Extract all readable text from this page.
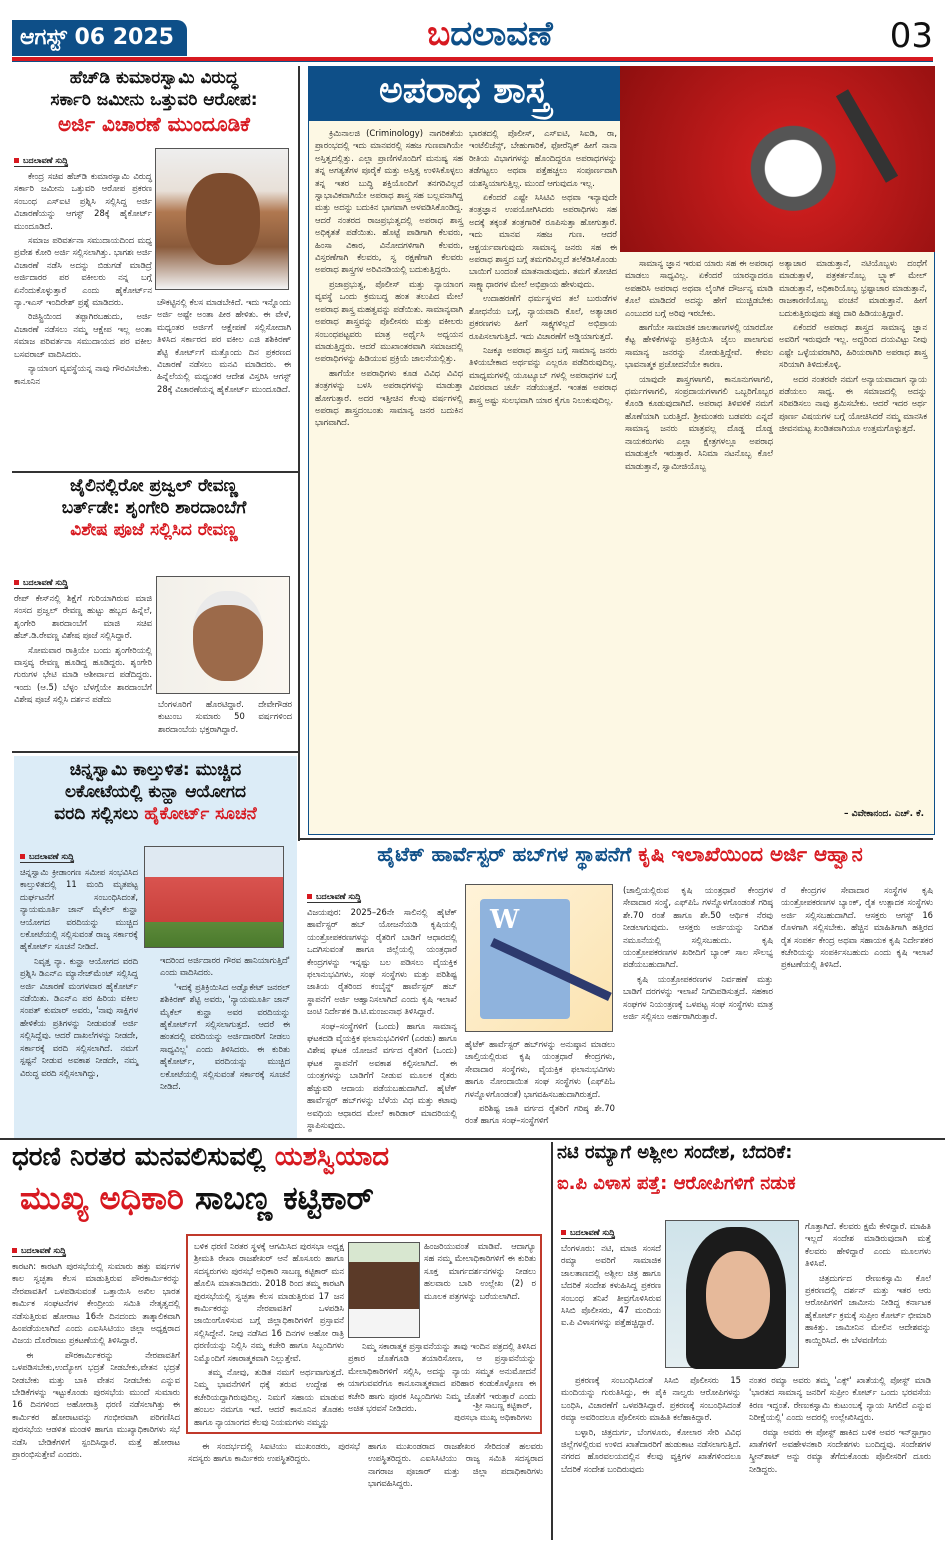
ಆಗಸ್ಟ್ 06 2025	ಬದಲಾವಣೆ	03
ಹೆಚ್‌ಡಿ ಕುಮಾರಸ್ವಾಮಿ ವಿರುದ್ಧ
ಸರ್ಕಾರಿ ಜಮೀನು ಒತ್ತುವರಿ ಆರೋಪ:
ಅರ್ಜಿ ವಿಚಾರಣೆ ಮುಂದೂಡಿಕೆ
ಬದಲಾವಣೆ ಸುದ್ದಿ

ಕೇಂದ್ರ ಸಚಿವ ಹೆಚ್‌ಡಿ ಕುಮಾರಸ್ವಾಮಿ ವಿರುದ್ಧ ಸರ್ಕಾರಿ ಜಮೀನು ಒತ್ತುವರಿ ಆರೋಪ ಪ್ರಕರಣ ಸಂಬಂಧ ಎಸ್‌ಐಟಿ ಪ್ರಶ್ನಿಸಿ ಸಲ್ಲಿಸಿದ್ದ ಅರ್ಜಿ ವಿಚಾರಣೆಯನ್ನು ಆಗಸ್ಟ್ 28ಕ್ಕೆ ಹೈಕೋರ್ಟ್ ಮುಂದೂಡಿದೆ.

ಸಮಾಜ ಪರಿವರ್ತನಾ ಸಮುದಾಯದಿಂದ ಮಧ್ಯ ಪ್ರವೇಶ ಕೋರಿ ಅರ್ಜಿ ಸಲ್ಲಿಸಲಾಗಿತ್ತು. ಭಾಗಶಃ ಅರ್ಜಿ ವಿಚಾರಣೆ ನಡೆಸಿ ಅದನ್ನು ಬಿಡುಗಡೆ ಮಾಡಿದ್ರೆ ಅರ್ಜಿದಾರರ ಪರ ವಕೀಲರು ನನ್ನ ಬಗ್ಗೆ ಏನೆಂದುಕೊಳ್ಳುತ್ತಾರೆ ಎಂದು ಹೈಕೋರ್ಟ್‌ನ ನ್ಯಾ.ಇಎಸ್ ಇಂದಿರೇಶ್ ಪ್ರಶ್ನೆ ಮಾಡಿದರು.

ರಿಜಿಸ್ಟ್ರಿಯಿಂದ ತಪ್ಪಾಗಿರಬಹುದು, ಅರ್ಜಿ ವಿಚಾರಣೆ ನಡೆಸಲು ನಮ್ಮ ಆಕ್ಷೇಪ ಇಲ್ಲ ಅಂತಾ ಸಮಾಜ ಪರಿವರ್ತನಾ ಸಮುದಾಯದ ಪರ ವಕೀಲ ಬಸವರಾಜ್ ವಾದಿಸಿದರು.

ನ್ಯಾಯಾಂಗ ವ್ಯವಸ್ಥೆಯನ್ನ ನಾವು ಗೌರವಿಸಬೇಕು. ಕಾನೂನಿನ

ಚೌಕಟ್ಟಿನಲ್ಲಿ ಕೆಲಸ ಮಾಡಬೇಕಿದೆ. ಇದು ಇನ್ನೊಂದು ಅರ್ಜಿ ಅಷ್ಟೇ ಅಂತಾ ಪೀಠ ಹೇಳಿತು. ಈ ವೇಳೆ, ಮಧ್ಯಂತರ ಅರ್ಜಿಗೆ ಆಕ್ಷೇಪಣೆ ಸಲ್ಲಿಸೋದಾಗಿ ತಿಳಿಸಿದ ಸರ್ಕಾರದ ಪರ ವಕೀಲ ಎಜಿ ಶಶಿಕಿರಣ್ ಶೆಟ್ಟಿ ಕೋರ್ಟ್‌ಗೆ ಮತ್ತೊಂದು ದಿನ ಪ್ರಕರಣದ ವಿಚಾರಣೆ ನಡೆಸಲು ಮನವಿ ಮಾಡಿದರು. ಈ ಹಿನ್ನೆಲೆಯಲ್ಲಿ ಮಧ್ಯಂತರ ಆದೇಶ ವಿಸ್ತರಿಸಿ ಆಗಸ್ಟ್ 28ಕ್ಕೆ ವಿಚಾರಣೆಯನ್ನ ಹೈಕೋರ್ಟ್ ಮುಂದೂಡಿದೆ.

ಜೈಲಿನಲ್ಲಿರೋ ಪ್ರಜ್ವಲ್ ರೇವಣ್ಣ
ಬರ್ತ್‌ಡೇ: ಶೃಂಗೇರಿ ಶಾರದಾಂಬೆಗೆ
ವಿಶೇಷ ಪೂಜೆ ಸಲ್ಲಿಸಿದ ರೇವಣ್ಣ
ಬದಲಾವಣೆ ಸುದ್ದಿ

ರೇಪ್ ಕೇಸ್‌ನಲ್ಲಿ ಶಿಕ್ಷೆಗೆ ಗುರಿಯಾಗಿರುವ ಮಾಜಿ ಸಂಸದ ಪ್ರಜ್ವಲ್ ರೇವಣ್ಣ ಹುಟ್ಟು ಹಬ್ಬದ ಹಿನ್ನೆಲೆ, ಶೃಂಗೇರಿ ಶಾರದಾಂಬೆಗೆ ಮಾಜಿ ಸಚಿವ ಹೆಚ್.ಡಿ.ರೇವಣ್ಣ ವಿಶೇಷ ಪೂಜೆ ಸಲ್ಲಿಸಿದ್ದಾರೆ.

ಸೋಮವಾರ ರಾತ್ರಿಯೇ ಬಂದು ಶೃಂಗೇರಿಯಲ್ಲಿ ವಾಸ್ತವ್ಯ ರೇವಣ್ಣ ಹೂಡಿದ್ದ ಹೂಡಿದ್ದರು. ಶೃಂಗೇರಿ ಗುರುಗಳ ಭೇಟಿ ಮಾಡಿ ಆಶೀರ್ವಾದ ಪಡೆದಿದ್ದರು. ಇಂದು (ಆ.5) ಬೆಳ್ಳಂ ಬೆಳಗ್ಗೆಯೇ ಶಾರದಾಂಬೆಗೆ ವಿಶೇಷ ಪೂಜೆ ಸಲ್ಲಿಸಿ ದರ್ಶನ ಪಡೆದು	ಬೆಂಗಳೂರಿಗೆ ಹೊರಟಿದ್ದಾರೆ. ದೇವೇಗೌಡರ ಕುಟುಂಬ ಸುಮಾರು 50 ವರ್ಷಗಳಿಂದ ಶಾರದಾಂಬೆಯ ಭಕ್ತರಾಗಿದ್ದಾರೆ.

ಚಿನ್ನಸ್ವಾಮಿ ಕಾಲ್ತುಳಿತ: ಮುಚ್ಚಿದ
ಲಕೋಟೆಯಲ್ಲಿ ಕುನ್ಹಾ ಆಯೋಗದ
ವರದಿ ಸಲ್ಲಿಸಲು ಹೈಕೋರ್ಟ್ ಸೂಚನೆ
ಬದಲಾವಣೆ ಸುದ್ದಿ

ಚಿನ್ನಸ್ವಾಮಿ ಕ್ರೀಡಾಂಗಣ ಸಮೀಪ ಸಂಭವಿಸಿದ ಕಾಲ್ತುಳಿತದಲ್ಲಿ 11 ಮಂದಿ ಮೃತಪಟ್ಟ ದುರ್ಘಟನೆಗೆ ಸಂಬಂಧಿಸಿದಂತೆ, ನ್ಯಾಯಮೂರ್ತಿ ಜಾನ್ ಮೈಕೆಲ್ ಕುನ್ಹಾ ಆಯೋಗದ ವರದಿಯನ್ನು ಮುಚ್ಚಿದ ಲಕೋಟೆಯಲ್ಲಿ ಸಲ್ಲಿಸುವಂತೆ ರಾಜ್ಯ ಸರ್ಕಾರಕ್ಕೆ ಹೈಕೋರ್ಟ್ ಸೂಚನೆ ನೀಡಿದೆ.

ನಿವೃತ್ತ ನ್ಯಾ. ಕುನ್ಹಾ ಆಯೋಗದ ವರದಿ ಪ್ರಶ್ನಿಸಿ ಡಿಎನ್‌ಎ ಮ್ಯಾನೇಜ್‌ಮೆಂಟ್ ಸಲ್ಲಿಸಿದ್ದ ಅರ್ಜಿ ವಿಚಾರಣೆ ಮಂಗಳವಾರ ಹೈಕೋರ್ಟ್ ನಡೆಯಿತು. ಡಿಎನ್‌ಎ ಪರ ಹಿರಿಯ ವಕೀಲ ಸಂಪತ್ ಕುಮಾರ್ ಅವರು, 'ನಾವು ಸಾಕ್ಷಿಗಳ ಹೇಳಿಕೆಯ ಪ್ರತಿಗಳನ್ನು ನೀಡುವಂತೆ ಅರ್ಜಿ ಸಲ್ಲಿಸಿದ್ದೆವು. ಆದರೆ ದಾಖಲೆಗಳನ್ನು ನೀಡದೇ, ಸರ್ಕಾರಕ್ಕೆ ವರದಿ ಸಲ್ಲಿಸಲಾಗಿದೆ. ನಮಗೆ ಸ್ಪಷ್ಟನೆ ನೀಡುವ ಅವಕಾಶ ನೀಡದೇ, ನಮ್ಮ ವಿರುದ್ಧ ವರದಿ ಸಲ್ಲಿಸಲಾಗಿದ್ದು,

ಇದರಿಂದ ಅರ್ಜಿದಾರರ ಗೌರವ ಹಾನಿಯಾಗುತ್ತಿದೆ' ಎಂದು ವಾದಿಸಿದರು.

'ಇದಕ್ಕೆ ಪ್ರತಿಕ್ರಿಯಿಸಿದ ಅಡ್ವೊಕೇಟ್ ಜನರಲ್ ಶಶಿಕಿರಣ್ ಶೆಟ್ಟಿ ಅವರು, 'ನ್ಯಾಯಮೂರ್ತಿ ಜಾನ್ ಮೈಕೆಲ್ ಕುನ್ಹಾ ಅವರ ವರದಿಯನ್ನು ಹೈಕೋರ್ಟ್‌ಗೆ ಸಲ್ಲಿಸಲಾಗುತ್ತದೆ. ಆದರೆ ಈ ಹಂತದಲ್ಲಿ ವರದಿಯನ್ನು ಅರ್ಜಿದಾರರಿಗೆ ನೀಡಲು ಸಾಧ್ಯವಿಲ್ಲ' ಎಂದು ತಿಳಿಸಿದರು. ಈ ಕುರಿತು ಹೈಕೋರ್ಟ್, ವರದಿಯನ್ನು ಮುಚ್ಚಿದ ಲಕೋಟೆಯಲ್ಲಿ ಸಲ್ಲಿಸುವಂತೆ ಸರ್ಕಾರಕ್ಕೆ ಸೂಚನೆ ನೀಡಿದೆ.

ಕ್ರಿಮಿನಾಲಜಿ (Criminology) ನಾಗರಿಕತೆಯ ಪ್ರಾರಂಭದಲ್ಲಿ ಇದು ಮಾನವರಲ್ಲಿ ಸಹಜ ಗುಣವಾಗಿಯೇ ಅಸ್ತಿತ್ವದಲ್ಲಿತ್ತು. ಎಲ್ಲಾ ಪ್ರಾಣಿಗಳೊಂದಿಗೆ ಮನುಷ್ಯ ಸಹ ತನ್ನ ಅಗತ್ಯತೆಗಳ ಪೂರೈಕೆ ಮತ್ತು ಅಸ್ತಿತ್ವ ಉಳಿಸಿಕೊಳ್ಳಲು ತನ್ನ ಇತರ ಬುದ್ಧಿ ಶಕ್ತಿಯೊಂದಿಗೆ ತನಗರಿವಿಲ್ಲದೆ ಸ್ವಾಭಾವಿಕವಾಗಿಯೇ ಅಪರಾಧ ಶಾಸ್ತ್ರ ಸಹ ಬಲ್ಲವನಾಗಿದ್ದ ಮತ್ತು ಅದನ್ನು ಬದುಕಿನ ಭಾಗವಾಗಿ ಅಳವಡಿಸಿಕೊಂಡಿದ್ದ. ಆದರೆ ನಂತರದ ರಾಜಪ್ರಭುತ್ವದಲ್ಲಿ ಅಪರಾಧ ಶಾಸ್ತ್ರ ಅಧಿಕೃತತೆ ಪಡೆಯಿತು. ಹೊಟ್ಟೆ ಪಾಡಿಗಾಗಿ ಕೆಲವರು, ಹಿಂಸಾ ವಿಕಾರ, ವಿನೋದಗಳಿಗಾಗಿ ಕೆಲವರು, ವಿಸ್ತರಣೆಗಾಗಿ ಕೆಲವರು, ಸ್ವ ರಕ್ಷಣೆಗಾಗಿ ಕೆಲವರು ಅಪರಾಧ ಶಾಸ್ತ್ರಗಳ ಅರಿವಿನಡಿಯಲ್ಲಿ ಬದುಕುತ್ತಿದ್ದರು.

ಪ್ರಜಾಪ್ರಭುತ್ವ, ಪೊಲೀಸ್ ಮತ್ತು ನ್ಯಾಯಾಂಗ ವ್ಯವಸ್ಥೆ ಒಂದು ಕ್ರಮಬದ್ಧ ಹಂತ ತಲುಪಿದ ಮೇಲೆ ಅಪರಾಧ ಶಾಸ್ತ್ರ ಮಹತ್ವವನ್ನು ಪಡೆಯಿತು. ಸಾಮಾನ್ಯವಾಗಿ ಅಪರಾಧ ಶಾಸ್ತ್ರವನ್ನು ಪೊಲೀಸರು ಮತ್ತು ವಕೀಲರು ಸಂಬಂಧಪಟ್ಟವರು ಮಾತ್ರ ಅರ್ಥೈಸಿ ಅಧ್ಯಯನ ಮಾಡುತ್ತಿದ್ದರು. ಆದರೆ ಮುಖಾಂತರವಾಗಿ ಸಮಾಜದಲ್ಲಿ ಅಪರಾಧಿಗಳನ್ನು ಹಿಡಿಯುವ ಪ್ರಕ್ರಿಯೆ ಜಾಲನೆಯಲ್ಲಿತ್ತು.

ಹಾಗೆಯೇ ಅಪರಾಧಿಗಳು ಕೂಡ ವಿವಿಧ ವಿವಿಧ ತಂತ್ರಗಳನ್ನು ಬಳಸಿ ಅಪರಾಧಗಳನ್ನು ಮಾಡುತ್ತಾ ಹೋಗುತ್ತಾರೆ. ಅದರ ಇತ್ತೀಚಿನ ಕೆಲವು ವರ್ಷಗಳಲ್ಲಿ ಅಪರಾಧ ಶಾಸ್ತ್ರದಂಬಂತು ಸಾಮಾನ್ಯ ಜನರ ಬದುಕಿನ ಭಾಗವಾಗಿದೆ.

ಭಾರತದಲ್ಲಿ ಪೊಲೀಸ್, ಎಸ್‌ಐಟಿ, ಸಿಐಡಿ, ರಾ, ಇಂಟೆಲಿಜೆನ್ಸ್, ಬೇಹುಗಾರಿಕೆ, ಫೋರೆನ್ಸಿಕ್ ಹೀಗೆ ನಾನಾ ರೀತಿಯ ವಿಭಾಗಗಳನ್ನು ಹೊಂದಿದ್ದರೂ ಅಪರಾಧಗಳನ್ನು ತಡೆಗಟ್ಟಲು ಅಥವಾ ಪತ್ತೆಹಚ್ಚಲು ಸಂಪೂರ್ಣವಾಗಿ ಯಶಸ್ವಿಯಾಗುತ್ತಿಲ್ಲ. ಮುಂದೆ ಆಗುವುದೂ ಇಲ್ಲ.

ಏಕೆಂದರೆ ಎಷ್ಟೇ ಸಿಸಿಟಿವಿ ಅಥವಾ ಇನ್ಯಾವುದೇ ತಂತ್ರಜ್ಞಾನ ಉಪಯೋಗಿಸಿದರು ಅಪರಾಧಿಗಳು ಸಹ ಅದಕ್ಕೆ ತಕ್ಕಂತೆ ತಂತ್ರಗಾರಿಕೆ ರೂಪಿಸುತ್ತಾ ಹೋಗುತ್ತಾರೆ. ಇದು ಮಾನವ ಸಹಜ ಗುಣ. ಆದರೆ ಆಶ್ಚರ್ಯವಾಗುವುದು ಸಾಮಾನ್ಯ ಜನರು ಸಹ ಈ ಅಪರಾಧ ಶಾಸ್ತ್ರದ ಬಗ್ಗೆ ತಮಗರಿವಿಲ್ಲದೆ ತಲೆಕೆಡಿಸಿಕೊಂಡು ಬಾಯಿಗೆ ಬಂದಂತೆ ಮಾತನಾಡುವುದು. ತಮಗೆ ತೋಚಿದ ಸಾಕ್ಷ್ಯಾಧಾರಗಳ ಮೇಲೆ ಅಭಿಪ್ರಾಯ ಹೇಳುವುದು.

ಉದಾಹರಣೆಗೆ ಧರ್ಮಸ್ಥಳದ ತಲೆ ಬುರುಡೆಗಳ ಶೋಧನೆಯ ಬಗ್ಗೆ, ನ್ಯಾಯವಾದಿ ಕೊಲೆ, ಅತ್ಯಾಚಾರ ಪ್ರಕರಣಗಳು ಹೀಗೆ ಸಾಕ್ಷ್ಯಗಳಿಲ್ಲದೆ ಅಭಿಪ್ರಾಯ ರೂಪಿಸಲಾಗುತ್ತಿದೆ. ಇದು ವಿಚಾರಣೆಗೆ ಅಡ್ಡಿಯಾಗುತ್ತದೆ.

ನಿಜಕ್ಕೂ ಅಪರಾಧ ಶಾಸ್ತ್ರದ ಬಗ್ಗೆ ಸಾಮಾನ್ಯ ಜನರು ತಿಳಿಯಬೇಕಾದ ಅರ್ಥವನ್ನು ಎಲ್ಲರೂ ಪಡೆದಿರುವುದಿಲ್ಲ. ಮಾಧ್ಯಮಗಳಲ್ಲಿ ಯೂಟ್ಯೂಬ್ ಗಳಲ್ಲಿ ಅಪರಾಧಗಳ ಬಗ್ಗೆ ವಿವರವಾದ ಚರ್ಚೆ ನಡೆಯುತ್ತದೆ. ಇಂತಹ ಅಪರಾಧ ಶಾಸ್ತ್ರ ಅಷ್ಟು ಸುಲಭವಾಗಿ ಯಾರ ಕೈಗೂ ನಿಲುಕುವುದಿಲ್ಲ.

ಸಾಮಾನ್ಯ ಜ್ಞಾನ ಇರುವ ಯಾರು ಸಹ ಈ ಅಪರಾಧ ಮಾಡಲು ಸಾಧ್ಯವಿಲ್ಲ. ಏಕೆಂದರೆ ಯಾರನ್ನಾದರೂ ಅಪಹರಿಸಿ ಅಪರಾಧ ಅಥವಾ ಲೈಂಗಿಕ ದೌರ್ಜನ್ಯ ಮಾಡಿ ಕೊಲೆ ಮಾಡಿದರೆ ಅದನ್ನು ಹೇಗೆ ಮುಚ್ಚಿಡಬೇಕು ಎಂಬುದರ ಬಗ್ಗೆ ಅರಿವು ಇರಬೇಕು.

ಹಾಗೆಯೇ ಸಾಮಾಜಿಕ ಜಾಲತಾಣಗಳಲ್ಲಿ ಯಾರದೋ ಕೆಟ್ಟ ಹೇಳಿಕೆಗಳನ್ನು ಪ್ರತಿಕ್ರಿಯಿಸಿ ಜೈಲು ಪಾಲಾಗುವ ಸಾಮಾನ್ಯ ಜನರನ್ನು ನೋಡುತ್ತಿದ್ದೇವೆ. ಕೇವಲ ಭಾವನಾತ್ಮಕ ಪ್ರಚೋದನೆಯೇ ಕಾರಣ.

ಯಾವುದೇ ಶಾಸ್ತ್ರಗಳಾಗಲಿ, ಕಾನೂನುಗಳಾಗಲಿ, ಧರ್ಮಗಳಾಗಲಿ, ಸಂಪ್ರದಾಯಗಳಾಗಲಿ ಒಬ್ಬರಿಗೊಬ್ಬರ ಕೊಂಡಿ ಕೂಡುವುದಾಗಿದೆ. ಅಪರಾಧ ತಿಳಿವಳಿಕೆ ನಮಗೆ ಹೊಣೆಯಾಗಿ ಬರುತ್ತಿದೆ. ಶ್ರೀಮಂತರು ಬಡವರು ಎನ್ನದೆ ಸಾಮಾನ್ಯ ಜನರು ಮಾತ್ರವಲ್ಲ ದೊಡ್ಡ ದೊಡ್ಡ ನಾಯಕರುಗಳು ಎಲ್ಲಾ ಕ್ಷೇತ್ರಗಳಲ್ಲೂ ಅಪರಾಧ ಮಾಡುತ್ತಲೇ ಇರುತ್ತಾರೆ. ಸಿನಿಮಾ ನಟನೊಬ್ಬ ಕೊಲೆ ಮಾಡುತ್ತಾನೆ, ಸ್ವಾಮೀಜಿಯೊಬ್ಬ

ಅತ್ಯಾಚಾರ ಮಾಡುತ್ತಾನೆ, ನಟಿಯೊಬ್ಬಳು ದಂಧೆಗೆ ಮಾಡುತ್ತಾಳೆ, ಪತ್ರಕರ್ತನೊಬ್ಬ ಬ್ಲ್ಯಾಕ್ ಮೇಲ್ ಮಾಡುತ್ತಾನೆ, ಅಧಿಕಾರಿಯೊಬ್ಬ ಭ್ರಷ್ಟಾಚಾರ ಮಾಡುತ್ತಾನೆ, ರಾಜಕಾರಣಿಯೊಬ್ಬ ವಂಚನೆ ಮಾಡುತ್ತಾನೆ. ಹೀಗೆ ಬದುಕುತ್ತಿರುವುದು ತಪ್ಪು ದಾರಿ ಹಿಡಿಯುತ್ತಿದ್ದಾರೆ.

ಏಕೆಂದರೆ ಅಪರಾಧ ಶಾಸ್ತ್ರದ ಸಾಮಾನ್ಯ ಜ್ಞಾನ ಅವರಿಗೆ ಇರುವುದೇ ಇಲ್ಲ. ಅದ್ದರಿಂದ ದಯವಿಟ್ಟು ನೀವು ಎಷ್ಟೇ ಒಳ್ಳೆಯವರಾಗಿರಿ, ಹಿರಿಯರಾಗಿರಿ ಅಪರಾಧ ಶಾಸ್ತ್ರ ಸರಿಯಾಗಿ ತಿಳಿದುಕೊಳ್ಳಿ.

ಅದರ ನಂತರವೇ ನಮಗೆ ಅನ್ಯಾಯವಾದಾಗ ನ್ಯಾಯ ಪಡೆಯಲು ಸಾಧ್ಯ. ಈ ಸಮಾಜದಲ್ಲಿ ಅದನ್ನು ಸರಿಪಡಿಸಲು ನಾವು ಶ್ರಮಿಸಬೇಕು. ಆದರೆ ಇದರ ಅರ್ಥ ಪೂರ್ಣ ವಿಷಯಗಳ ಬಗ್ಗೆ ಯೋಚಿಸಿದರೆ ನಮ್ಮ ಮಾನಸಿಕ ಜೀವನಮಟ್ಟ ಖಂಡಿತವಾಗಿಯೂ ಉತ್ತಮಗೊಳ್ಳುತ್ತದೆ.

– ವಿವೇಕಾನಂದ. ಎಚ್. ಕೆ.
ಅಪರಾಧ ಶಾಸ್ತ್ರ
ಹೈಟೆಕ್ ಹಾರ್ವೆಸ್ಟರ್ ಹಬ್‌ಗಳ ಸ್ಥಾಪನೆಗೆ ಕೃಷಿ ಇಲಾಖೆಯಿಂದ ಅರ್ಜಿ ಆಹ್ವಾನ
ಬದಲಾವಣೆ ಸುದ್ದಿ

ವಿಜಯಪುರ: 2025–26ನೇ ಸಾಲಿನಲ್ಲಿ ಹೈಟೆಕ್ ಹಾರ್ವೆಸ್ಟರ್ ಹಬ್ ಯೋಜನೆಯಡಿ ಕೃಷಿಯಲ್ಲಿ ಯಂತ್ರೋಪಕರಣಗಳನ್ನು ರೈತರಿಗೆ ಬಾಡಿಗೆ ಆಧಾರದಲ್ಲಿ ಒದಗಿಸುವಂತೆ ಹಾಗೂ ಜಿಲ್ಲೆಯಲ್ಲಿ ಯಂತ್ರಧಾರೆ ಕೇಂದ್ರಗಳನ್ನು ಇನ್ನಷ್ಟು ಬಲ ಪಡಿಸಲು ವೈಯಕ್ತಿಕ ಫಲಾನುಭವಿಗಳು, ಸಂಘ ಸಂಸ್ಥೆಗಳು ಮತ್ತು ಪರಿಶಿಷ್ಟ ಜಾತಿಯ ರೈತರಿಂದ ಕಂಬೈನ್ಡ್ ಹಾರ್ವೆಸ್ಟರ್ ಹಬ್ ಸ್ಥಾಪನೆಗೆ ಅರ್ಜಿ ಆಹ್ವಾನಿಸಲಾಗಿದೆ ಎಂದು ಕೃಷಿ ಇಲಾಖೆ ಜಂಟಿ ನಿರ್ದೇಶಕ ಡಿ.ಟಿ.ಮಂಜುನಾಥ ತಿಳಿಸಿದ್ದಾರೆ.

ಸಂಘ–ಸಂಸ್ಥೆಗಳಿಗೆ (ಒಂದು) ಹಾಗೂ ಸಾಮಾನ್ಯ ಘಟಕದಡಿ ವೈಯಕ್ತಿಕ ಫಲಾನುಭವಿಗಳಿಗೆ (ಎರಡು) ಹಾಗೂ ವಿಶೇಷ ಘಟಕ ಯೋಜನೆ ವರ್ಗದ ರೈತರಿಗೆ (ಒಂದು) ಘಟಕ ಸ್ಥಾಪನೆಗೆ ಅವಕಾಶ ಕಲ್ಪಿಸಲಾಗಿದೆ. ಈ ಯಂತ್ರಗಳನ್ನು ಬಾಡಿಗೆಗೆ ನೀಡುವ ಮೂಲಕ ರೈತರು ಹೆಚ್ಚುವರಿ ಆದಾಯ ಪಡೆಯಬಹುದಾಗಿದೆ. ಹೈಟೆಕ್ ಹಾರ್ವೆಸ್ಟರ್ ಹಬ್‌ಗಳನ್ನು ಬೆಳೆಯ ವಿಧ ಮತ್ತು ಕಟಾವು ಅವಧಿಯ ಆಧಾರದ ಮೇಲೆ ಕಾರಿಡಾರ್ ಮಾದರಿಯಲ್ಲಿ ಸ್ಥಾಪಿಸುವುದು.

W

ಹೈಟೆಕ್ ಹಾರ್ವೆಸ್ಟರ್ ಹಬ್‌ಗಳನ್ನು ಅನುಷ್ಠಾನ ಮಾಡಲು ಚಾಲ್ತಿಯಲ್ಲಿರುವ ಕೃಷಿ ಯಂತ್ರಧಾರೆ ಕೇಂದ್ರಗಳು, ಸೇವಾದಾರ ಸಂಸ್ಥೆಗಳು, ವೈಯಕ್ತಿಕ ಫಲಾನುಭವಿಗಳು ಹಾಗೂ ನೋಂದಾಯಿತ ಸಂಘ ಸಂಸ್ಥೆಗಳು (ಎಫ್‌ಪಿಓ ಗಳನ್ನೊಳಗೊಂಡಂತೆ) ಭಾಗವಹಿಸಬಹುದಾಗಿರುತ್ತದೆ.

ಪರಿಶಿಷ್ಟ ಜಾತಿ ವರ್ಗದ ರೈತರಿಗೆ ಗರಿಷ್ಠ ಶೇ.70 ರಂತೆ ಹಾಗೂ ಸಂಘ–ಸಂಸ್ಥೆಗಳಿಗೆ

(ಚಾಲ್ತಿಯಲ್ಲಿರುವ ಕೃಷಿ ಯಂತ್ರಧಾರೆ ಕೇಂದ್ರಗಳ ಸೇವಾದಾರ ಸಂಸ್ಥೆ, ಎಫ್‌ಪಿಓ ಗಳನ್ನೊಳಗೊಂಡಂತೆ ಗರಿಷ್ಠ ಶೇ.70 ರಂತೆ ಹಾಗೂ ಶೇ.50 ಆರ್ಥಿಕ ನೆರವು ನೀಡಲಾಗುವುದು. ಆಸಕ್ತರು ಅರ್ಜಿಯನ್ನು ನಿಗದಿತ ನಮೂನೆಯಲ್ಲಿ ಸಲ್ಲಿಸಬಹುದು. ಕೃಷಿ ಯಂತ್ರೋಪಕರಣಗಳ ಖರೀದಿಗೆ ಬ್ಯಾಂಕ್ ಸಾಲ ಸೌಲಭ್ಯ ಪಡೆಯಬಹುದಾಗಿದೆ.

ಕೃಷಿ ಯಂತ್ರೋಪಕರಣಗಳ ನಿರ್ವಹಣೆ ಮತ್ತು ಬಾಡಿಗೆ ದರಗಳನ್ನು ಇಲಾಖೆ ನಿಗದಿಪಡಿಸುತ್ತದೆ. ಸಹಕಾರ ಸಂಘಗಳ ನಿಯಂತ್ರಣಕ್ಕೆ ಒಳಪಟ್ಟ ಸಂಘ ಸಂಸ್ಥೆಗಳು ಮಾತ್ರ ಅರ್ಜಿ ಸಲ್ಲಿಸಲು ಅರ್ಹರಾಗಿರುತ್ತಾರೆ.

ರೆ ಕೇಂದ್ರಗಳ ಸೇವಾದಾರ ಸಂಸ್ಥೆಗಳ ಕೃಷಿ ಯಂತ್ರೋಪಕರಣಗಳ ಬ್ಯಾಂಕ್, ರೈತ ಉತ್ಪಾದಕ ಸಂಸ್ಥೆಗಳು ಅರ್ಜಿ ಸಲ್ಲಿಸಬಹುದಾಗಿದೆ. ಆಸಕ್ತರು ಆಗಸ್ಟ್ 16 ರೊಳಗಾಗಿ ಸಲ್ಲಿಸಬೇಕು. ಹೆಚ್ಚಿನ ಮಾಹಿತಿಗಾಗಿ ಹತ್ತಿರದ ರೈತ ಸಂಪರ್ಕ ಕೇಂದ್ರ ಅಥವಾ ಸಹಾಯಕ ಕೃಷಿ ನಿರ್ದೇಶಕರ ಕಚೇರಿಯನ್ನು ಸಂಪರ್ಕಿಸಬಹುದು ಎಂದು ಕೃಷಿ ಇಲಾಖೆ ಪ್ರಕಟಣೆಯಲ್ಲಿ ತಿಳಿಸಿದೆ.

ಧರಣಿ ನಿರತರ ಮನವಲಿಸುವಲ್ಲಿ ಯಶಸ್ವಿಯಾದ
ಮುಖ್ಯ ಅಧಿಕಾರಿ ಸಾಬಣ್ಣ ಕಟ್ಟಿಕಾರ್
ಬದಲಾವಣೆ ಸುದ್ದಿ

ಕಾರಟಗಿ: ಕಾರಟಗಿ ಪುರಸಭೆಯಲ್ಲಿ ಸುಮಾರು ಹತ್ತು ವರ್ಷಗಳ ಕಾಲ ಸ್ವಚ್ಛತಾ ಕೆಲಸ ಮಾಡುತ್ತಿರುವ ಪೌರಕಾರ್ಮಿಕರನ್ನು ನೇರಪಾವತಿಗೆ ಒಳಪಡಿಸುವಂತೆ ಒತ್ತಾಯಿಸಿ ಅಖಿಲ ಭಾರತ ಕಾರ್ಮಿಕ ಸಂಘಟನೆಗಳ ಕೇಂದ್ರೀಯ ಸಮಿತಿ ನೇತೃತ್ವದಲ್ಲಿ ನಡೆಸುತ್ತಿರುವ ಹೋರಾಟ 16ನೇ ದಿನದಂದು ತಾತ್ಕಾಲಿಕವಾಗಿ ಹಿಂಪಡೆಯಲಾಗಿದೆ ಎಂದು ಎಐಸಿಸಿಟಿಯು ಜಿಲ್ಲಾ ಅಧ್ಯಕ್ಷರಾದ ವಿಜಯ ದೊರೆರಾಜು ಪ್ರಕಟಣೆಯಲ್ಲಿ ತಿಳಿಸಿದ್ದಾರೆ.

ಈ ಪೌರಕಾರ್ಮಿಕರನ್ನು ನೇರಪಾವತಿಗೆ ಒಳಪಡಿಸಬೇಕು,ಉದ್ಯೋಗ ಭದ್ರತೆ ನೀಡಬೇಕು,ವೇತನ ಭದ್ರತೆ ನೀಡಬೇಕು ಮತ್ತು ಬಾಕಿ ವೇತನ ನೀಡಬೇಕು ಎನ್ನುವ ಬೇಡಿಕೆಗಳನ್ನು ಇಟ್ಟುಕೊಂಡು ಪುರಸಭೆಯ ಮುಂದೆ ಸುಮಾರು 16 ದಿನಗಳಿಂದ ಅಹೋರಾತ್ರಿ ಧರಣಿ ನಡೆಸಲಾಗಿತ್ತು ಈ ಕಾರ್ಮಿಕರ ಹೋರಾಟವನ್ನು ಗಂಭೀರವಾಗಿ ಪರಿಗಣಿಸಿದ ಪುರಸಭೆಯ ಆಡಳಿತ ಮಂಡಳಿ ಹಾಗೂ ಮುಖ್ಯಾಧಿಕಾರಿಗಳು ಸಭೆ ನಡೆಸಿ ಬೇಡಿಕೆಗಳಿಗೆ ಸ್ಪಂದಿಸಿದ್ದಾರೆ. ಮತ್ತೆ ಹೋರಾಟ ಪ್ರಾರಂಭಿಸುತ್ತೇವೆ ಎಂದರು.

ಬಳಿಕ ಧರಣಿ ನಿರತರ ಸ್ಥಳಕ್ಕೆ ಆಗಮಿಸಿದ ಪುರಸಭಾ ಅಧ್ಯಕ್ಷ ಶ್ರೀಮತಿ ರೇಖಾ ರಾಜಶೇಖರ್ ಆನೆ ಹೊಸೂರು ಹಾಗೂ ಸದಸ್ಯರುಗಳು ಪುರಸಭೆ ಅಧಿಕಾರಿ ಸಾಬಣ್ಣ ಕಟ್ಟಿಕಾರ್ ಮನ ಹೊಲಿಸಿ ಮಾತನಾಡಿದರು. 2018 ರಿಂದ ತಮ್ಮ ಕಾರಟಗಿ ಪುರಸಭೆಯಲ್ಲಿ ಸ್ವಚ್ಛತಾ ಕೆಲಸ ಮಾಡುತ್ತಿರುವ 17 ಜನ ಕಾರ್ಮಿಕರನ್ನು ನೇರಪಾವತಿಗೆ ಒಳಪಡಿಸಿ ಜಾಯಿಂಗೊಳಿಸುವ ಬಗ್ಗೆ ಜಿಲ್ಲಾಧಿಕಾರಿಗಳಿಗೆ ಪ್ರಸ್ತಾವನೆ ಸಲ್ಲಿಸಿದ್ದೇನೆ. ನೀವು ನಡೆಸಿದ 16 ದಿನಗಳ ಅಹೋ ರಾತ್ರಿ ಧರಣಿಯನ್ನು ನಿಲ್ಲಿಸಿ ನಮ್ಮ ಕಚೇರಿ ಹಾಗೂ ಸಿಬ್ಬಂದಿಗಳು ನಿಮ್ಮೊಂದಿಗೆ ಸಕಾರಾತ್ಮಕವಾಗಿ ನಿಲ್ಲುತ್ತೇವೆ.

ತಮ್ಮ ನೋವು, ತುಡಿತ ನಮಗೆ ಅರ್ಥವಾಗುತ್ತದೆ. ನಿಮ್ಮ ಭಾವನೆಗಳಿಗೆ ಧಕ್ಕೆ ತರುವ ಉದ್ದೇಶ ಈ ಕಚೇರಿಯದ್ದಾಗಿರುವುದಿಲ್ಲ. ನಿಮಗೆ ಸಹಾಯ ಮಾಡುವ ಹಂಬಲ ನಮಗೂ ಇದೆ. ಆದರೆ ಕಾನೂನಿನ ತೊಡಕು ಹಾಗೂ ನ್ಯಾಯಾಂಗದ ಕೆಲವು ನಿಯಮಗಳು ನಮ್ಮನ್ನು

ಹಿಂಜರಿಯುವಂತೆ ಮಾಡಿವೆ. ಆದಾಗ್ಯೂ ಸಹ ನಮ್ಮ ಮೇಲಾಧಿಕಾರಿಗಳಿಗೆ ಈ ಕುರಿತು ಸೂಕ್ತ ಮಾರ್ಗದರ್ಶನಗಳನ್ನು ನೀಡಲು ಹಲವಾರು ಬಾರಿ ಉಲ್ಲೇಖ (2) ರ ಮೂಲಕ ಪತ್ರಗಳನ್ನು ಬರೆಯಲಾಗಿದೆ.

ನಿಮ್ಮ ಸಕಾರಾತ್ಮಕ ಪ್ರಸ್ತಾವನೆಯನ್ನು ತಾವು ಇಂದಿನ ಪತ್ರದಲ್ಲಿ ತಿಳಿಸಿದ ಪ್ರಕಾರ ಜೊತೆಗೂಡಿ ತಯಾರಿಸೋಣ, ಆ ಪ್ರಸ್ತಾವನೆಯನ್ನು ಮೇಲಾಧಿಕಾರಿಗಳಿಗೆ ಸಲ್ಲಿಸಿ, ಅದನ್ನು ನ್ಯಾಯ ಸಮ್ಮತ ಅನುಮೋದನೆ ಯಾಗುವವರೆಗೂ ಕಾನೂನಾತ್ಮಕವಾದ ಪರಿಹಾರ ಕಂಡುಕೊಳ್ಳೋಣ ಈ ಕಚೇರಿ ಹಾಗು ಪೂರಕ ಸಿಬ್ಬಂದಿಗಳು ನಿಮ್ಮ ಜೊತೆಗೆ ಇರುತ್ತಾರೆ ಎಂದು ಅಚಿತ ಭರವಸೆ ನೀಡಿದರು.	-ಶ್ರೀ ಸಾಬಣ್ಣ ಕಟ್ಟಿಕಾರ್,
ಪುರಸಭಾ ಮುಖ್ಯ ಅಧಿಕಾರಿಗಳು

ಈ ಸಂದರ್ಭದಲ್ಲಿ ಸಿಐಟಿಯು ಮುಖಂಡರು, ಪುರಸಭೆ ಸದಸ್ಯರು ಹಾಗೂ ಕಾರ್ಮಿಕರು ಉಪಸ್ಥಿತರಿದ್ದರು.

ಹಾಗೂ ಮುಖಂಡರಾದ ರಾಜಶೇಖರ ಸೇರಿದಂತೆ ಹಲವರು ಉಪಸ್ಥಿತರಿದ್ದರು. ಎಐಸಿಸಿಟಿಯು ರಾಜ್ಯ ಸಮಿತಿ ಸದಸ್ಯರಾದ ನಾಗರಾಜ ಪೂಜಾರ್ ಮತ್ತು ಜಿಲ್ಲಾ ಪದಾಧಿಕಾರಿಗಳು ಭಾಗವಹಿಸಿದ್ದರು.

ನಟಿ ರಮ್ಯಾಗೆ ಅಶ್ಲೀಲ ಸಂದೇಶ, ಬೆದರಿಕೆ:
ಐ.ಪಿ ವಿಳಾಸ ಪತ್ತೆ: ಆರೋಪಿಗಳಿಗೆ ನಡುಕ
ಬದಲಾವಣೆ ಸುದ್ದಿ

ಬೆಂಗಳೂರು: ನಟಿ, ಮಾಜಿ ಸಂಸದೆ ರಮ್ಯಾ ಅವರಿಗೆ ಸಾಮಾಜಿಕ ಜಾಲತಾಣದಲ್ಲಿ ಅಶ್ಲೀಲ ಚಿತ್ರ ಹಾಗೂ ಬೆದರಿಕೆ ಸಂದೇಶ ಕಳುಹಿಸಿದ್ದ ಪ್ರಕರಣ ಸಂಬಂಧ ತನಿಖೆ ತೀವ್ರಗೊಳಿಸಿರುವ ಸಿಸಿಬಿ ಪೊಲೀಸರು, 47 ಮಂದಿಯ ಐ.ಪಿ ವಿಳಾಸಗಳನ್ನು ಪತ್ತೆಹಚ್ಚಿದ್ದಾರೆ.

ಗೊತ್ತಾಗಿದೆ. ಕೆಲವರು ಕ್ಷಮೆ ಕೇಳಿದ್ದಾರೆ. ಮಾಹಿತಿ ಇಲ್ಲದೆ ಸಂದೇಶ ಮಾಡಿರುವುದಾಗಿ ಮತ್ತೆ ಕೆಲವರು ಹೇಳಿದ್ದಾರೆ ಎಂದು ಮೂಲಗಳು ತಿಳಿಸಿವೆ.

ಚಿತ್ರದುರ್ಗದ ರೇಣುಕಸ್ವಾಮಿ ಕೊಲೆ ಪ್ರಕರಣದಲ್ಲಿ ದರ್ಶನ್ ಮತ್ತು ಇತರ ಆರು ಆರೋಪಿಗಳಿಗೆ ಜಾಮೀನು ನೀಡಿದ್ದ ಕರ್ನಾಟಕ ಹೈಕೋರ್ಟ್ ಕ್ರಮಕ್ಕೆ ಸುಪ್ರೀಂ ಕೋರ್ಟ್ ಛೀಮಾರಿ ಹಾಕಿತ್ತು. ಜಾಮೀನಿನ ಮೇಲಿನ ಆದೇಶವನ್ನು ಕಾಯ್ದಿರಿಸಿದೆ. ಈ ಬೆಳವಣಿಗೆಯ

ಪ್ರಕರಣಕ್ಕೆ ಸಂಬಂಧಿಸಿದಂತೆ ಸಿಸಿಬಿ ಪೊಲೀಸರು 15 ಮಂದಿಯನ್ನು ಗುರುತಿಸಿದ್ದು, ಈ ಪೈಕಿ ನಾಲ್ವರು ಆರೋಪಿಗಳನ್ನು ಬಂಧಿಸಿ, ವಿಚಾರಣೆಗೆ ಒಳಪಡಿಸಿದ್ದಾರೆ. ಪ್ರಕರಣಕ್ಕೆ ಸಂಬಂಧಿಸಿದಂತೆ ರಮ್ಯಾ ಅವರಿಂದಲೂ ಪೊಲೀಸರು ಮಾಹಿತಿ ಕಲೆಹಾಕಿದ್ದಾರೆ.

ಬಳ್ಳಾರಿ, ಚಿತ್ರದುರ್ಗ, ಬೆಂಗಳೂರು, ಕೋಲಾರ ಸೇರಿ ವಿವಿಧ ಜಿಲ್ಲೆಗಳಲ್ಲಿರುವ ಉಳಿದ ಖಾತೆದಾರರಿಗೆ ಹುಡುಕಾಟ ನಡೆಸಲಾಗುತ್ತಿದೆ. ನಗರದ ಹೊರವಲಯದಲ್ಲಿನ ಕೆಲವು ವ್ಯಕ್ತಿಗಳ ಖಾತೆಗಳಿಂದಲೂ ಬೆದರಿಕೆ ಸಂದೇಶ ಬಂದಿರುವುದು

ನಂತರ ರಮ್ಯಾ ಅವರು ತಮ್ಮ 'ಎಕ್ಸ್' ಖಾತೆಯಲ್ಲಿ ಪೋಸ್ಟ್ ಮಾಡಿ 'ಭಾರತದ ಸಾಮಾನ್ಯ ಜನರಿಗೆ ಸುಪ್ರೀಂ ಕೋರ್ಟ್ ಒಂದು ಭರವಸೆಯ ಕಿರಣ ಇದ್ದಂತೆ. ರೇಣುಕಸ್ವಾಮಿ ಕುಟುಂಬಕ್ಕೆ ನ್ಯಾಯ ಸಿಗಲಿದೆ ಎನ್ನುವ ನಿರೀಕ್ಷೆಯಲ್ಲಿ' ಎಂದು ಅದರಲ್ಲಿ ಉಲ್ಲೇಖಿಸಿದ್ದರು.

ರಮ್ಯಾ ಅವರು ಈ ಪೋಸ್ಟ್ ಹಾಕಿದ ಬಳಿಕ ಅವರ ಇನ್‌ಸ್ಟಾಗ್ರಾಂ ಖಾತೆಗಳಿಗೆ ಅವಹೇಳನಕಾರಿ ಸಂದೇಶಗಳು ಬಂದಿದ್ದವು. ಸಂದೇಶಗಳ ಸ್ಕ್ರೀನ್‌ಶಾಟ್ ಅನ್ನು ರಮ್ಯಾ ತೆಗೆದುಕೊಂಡು ಪೊಲೀಸರಿಗೆ ದೂರು ನೀಡಿದ್ದರು.
